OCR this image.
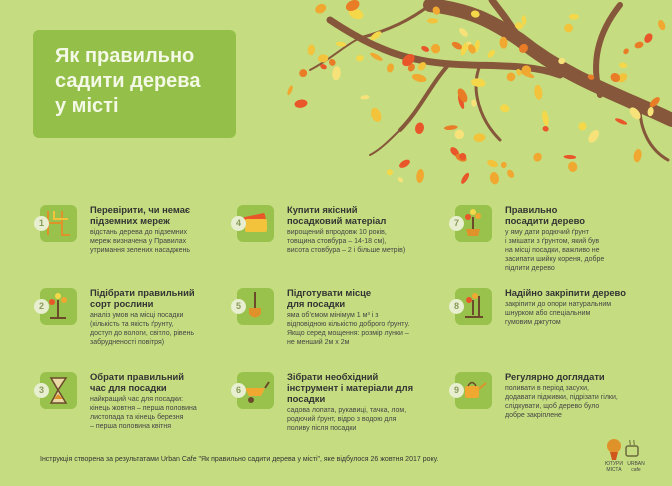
Як правильно
садити дерева
у місті
1
Перевірити, чи немає
підземних мереж
відстань дерева до підземних
мереж визначена у Правилах
утримання зелених насаджень
2
Підібрати правильний
сорт рослини
аналіз умов на місці посадки
(кількість та якість ґрунту,
доступ до вологи, світло, рівень
забрудненості повітря)
3
Обрати правильний
час для посадки
найкращий час для посадки:
кінець жовтня – перша половина
листопада та кінець березня
– перша половина квітня
4
Купити якісний
посадковий матеріал
вирощений впродовж 10 років,
товщина стовбура – 14-18 см),
висота стовбура – 2 і більше метрів)
5
Підготувати місце
для посадки
яма об’ємом мінімум 1 м³ і з
відповідною кількістю доброго ґрунту.
Якщо серед мощення: розмір лунки –
не менший 2м х 2м
6
Зібрати необхідний
інструмент і матеріали для
посадки
садова лопата, рукавиці, тачка, лом,
родючий ґрунт, відро з водою для
поливу після посадки
7
Правильно
посадити дерево
у яму дати родючий ґрунт
і змішати з ґрунтом, який був
на місці посадки, важливо не
засипати шийку кореня, добре
підлити дерево
8
Надійно закріпити дерево
закріпити до опори натуральним
шнурком або спеціальним
гумовим джгутом
9
Регулярно доглядати
поливати в період засухи,
додавати підживки, підрізати гілки,
слідкувати, щоб дерево було
добре закріплене
Інструкція створена за результатами Urban Cafe "Як правильно садити дерева у місті", яке відбулося 26 жовтня 2017 року.
ЮТУРИ
МІСТА
URBAN
cafe
